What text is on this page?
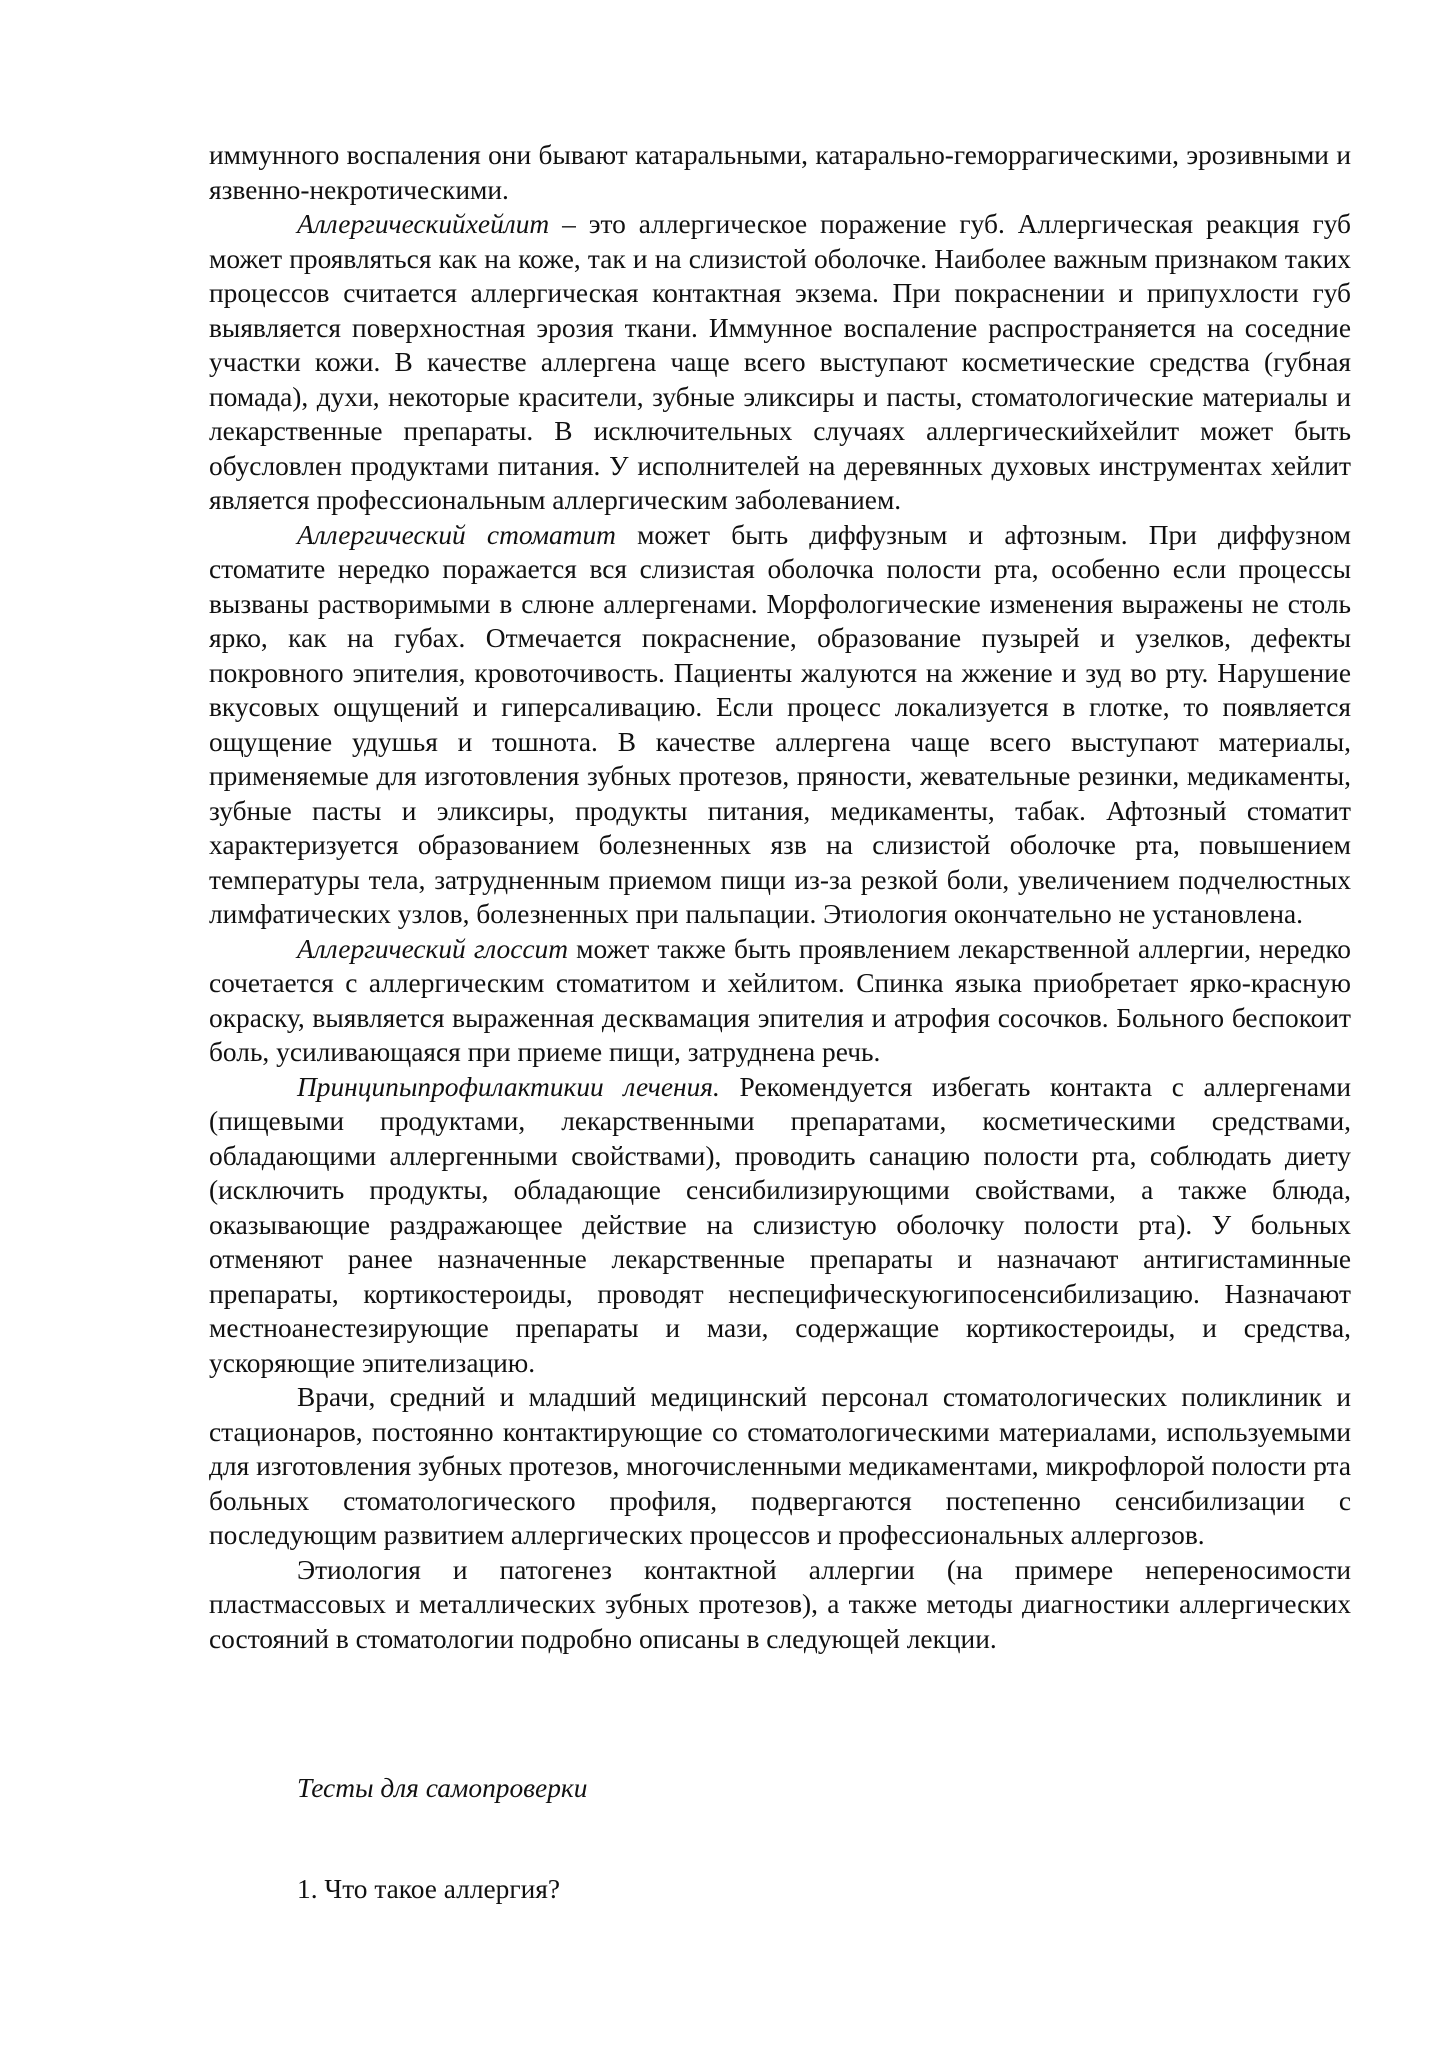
иммунного воспаления они бывают катаральными, катарально-геморрагическими, эрозивными и язвенно-некротическими.

Аллергическийхейлит – это аллергическое поражение губ. Аллергическая реакция губ может проявляться как на коже, так и на слизистой оболочке. Наиболее важным признаком таких процессов считается аллергическая контактная экзема. При покраснении и припухлости губ выявляется поверхностная эрозия ткани. Иммунное воспаление распространяется на соседние участки кожи. В качестве аллергена чаще всего выступают косметические средства (губная помада), духи, некоторые красители, зубные эликсиры и пасты, стоматологические материалы и лекарственные препараты. В исключительных случаях аллергическийхейлит может быть обусловлен продуктами питания. У исполнителей на деревянных духовых инструментах хейлит является профессиональным аллергическим заболеванием.

Аллергический стоматит может быть диффузным и афтозным. При диффузном стоматите нередко поражается вся слизистая оболочка полости рта, особенно если процессы вызваны растворимыми в слюне аллергенами. Морфологические изменения выражены не столь ярко, как на губах. Отмечается покраснение, образование пузырей и узелков, дефекты покровного эпителия, кровоточивость. Пациенты жалуются на жжение и зуд во рту. Нарушение вкусовых ощущений и гиперсаливацию. Если процесс локализуется в глотке, то появляется ощущение удушья и тошнота. В качестве аллергена чаще всего выступают материалы, применяемые для изготовления зубных протезов, пряности, жевательные резинки, медикаменты, зубные пасты и эликсиры, продукты питания, медикаменты, табак. Афтозный стоматит характеризуется образованием болезненных язв на слизистой оболочке рта, повышением температуры тела, затрудненным приемом пищи из-за резкой боли, увеличением подчелюстных лимфатических узлов, болезненных при пальпации. Этиология окончательно не установлена.

Аллергический глоссит может также быть проявлением лекарственной аллергии, нередко сочетается с аллергическим стоматитом и хейлитом. Спинка языка приобретает ярко-красную окраску, выявляется выраженная десквамация эпителия и атрофия сосочков. Больного беспокоит боль, усиливающаяся при приеме пищи, затруднена речь.

Принципыпрофилактикии лечения. Рекомендуется избегать контакта с аллергенами (пищевыми продуктами, лекарственными препаратами, косметическими средствами, обладающими аллергенными свойствами), проводить санацию полости рта, соблюдать диету (исключить продукты, обладающие сенсибилизирующими свойствами, а также блюда, оказывающие раздражающее действие на слизистую оболочку полости рта). У больных отменяют ранее назначенные лекарственные препараты и назначают антигистаминные препараты, кортикостероиды, проводят неспецифическуюгипосенсибилизацию. Назначают местноанестезирующие препараты и мази, содержащие кортикостероиды, и средства, ускоряющие эпителизацию.

Врачи, средний и младший медицинский персонал стоматологических поликлиник и стационаров, постоянно контактирующие со стоматологическими материалами, используемыми для изготовления зубных протезов, многочисленными медикаментами, микрофлорой полости рта больных стоматологического профиля, подвергаются постепенно сенсибилизации с последующим развитием аллергических процессов и профессиональных аллергозов.

Этиология и патогенез контактной аллергии (на примере непереносимости пластмассовых и металлических зубных протезов), а также методы диагностики аллергических состояний в стоматологии подробно описаны в следующей лекции.

Тесты для самопроверки
1. Что такое аллергия?
